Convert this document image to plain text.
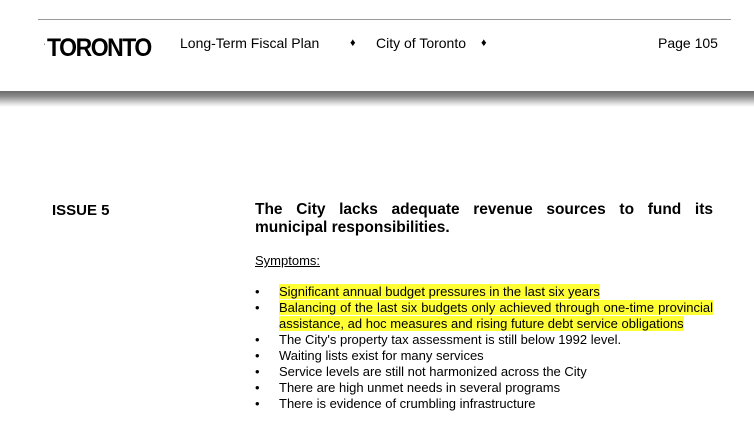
TORONTO Long-Term Fiscal Plan	♦ City of Toronto ♦	Page 105
ISSUE 5	The City lacks adequate revenue sources to fund its municipal responsibilities.
Symptoms:
•	Significant annual budget pressures in the last six years
•	Balancing of the last six budgets only achieved through one-time provincial assistance, ad hoc measures and rising future debt service obligations
•	The City's property tax assessment is still below 1992 level.
•	Waiting lists exist for many services
•	Service levels are still not harmonized across the City
•	There are high unmet needs in several programs
•	There is evidence of crumbling infrastructure
